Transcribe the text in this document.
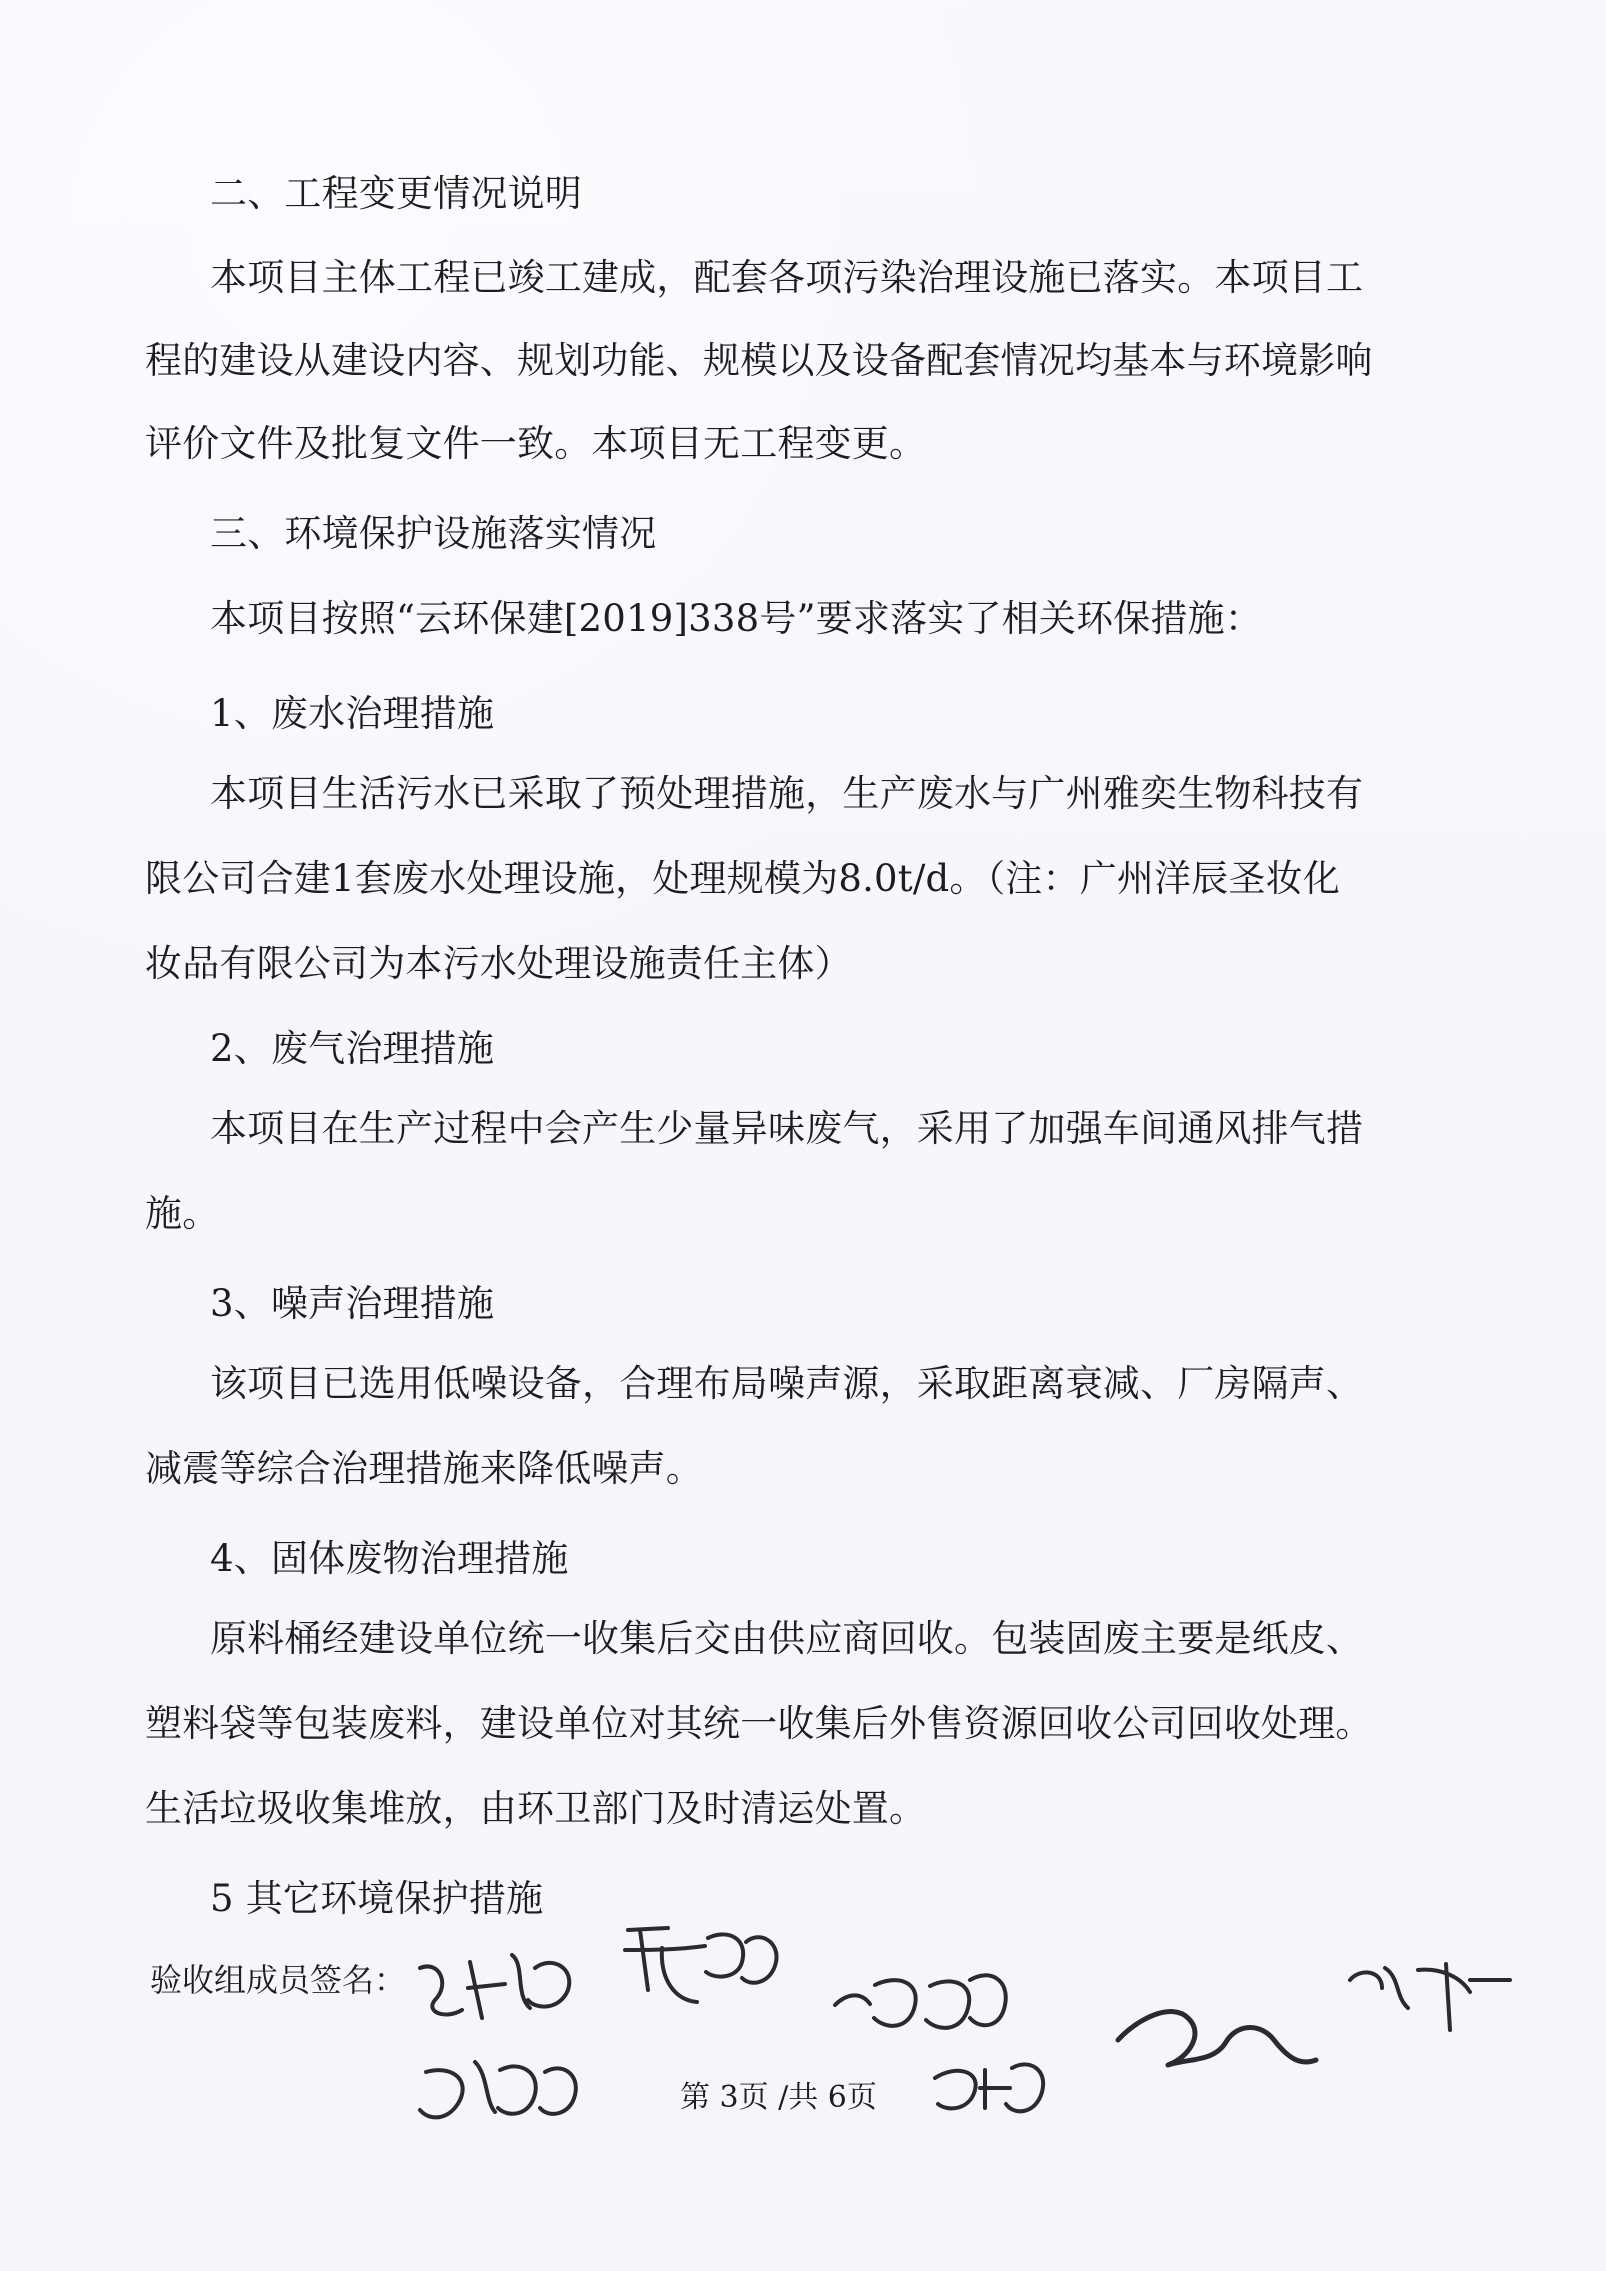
二、工程变更情况说明
本项目主体工程已竣工建成，配套各项污染治理设施已落实。本项目工
程的建设从建设内容、规划功能、规模以及设备配套情况均基本与环境影响
评价文件及批复文件一致。本项目无工程变更。
三、环境保护设施落实情况
本项目按照“云环保建[2019]338号”要求落实了相关环保措施：
1、废水治理措施
本项目生活污水已采取了预处理措施，生产废水与广州雅奕生物科技有
限公司合建1套废水处理设施，处理规模为8.0t/d。（注：广州洋辰圣妆化
妆品有限公司为本污水处理设施责任主体）
2、废气治理措施
本项目在生产过程中会产生少量异味废气，采用了加强车间通风排气措
施。
3、噪声治理措施
该项目已选用低噪设备，合理布局噪声源，采取距离衰减、厂房隔声、
减震等综合治理措施来降低噪声。
4、固体废物治理措施
原料桶经建设单位统一收集后交由供应商回收。包装固废主要是纸皮、
塑料袋等包装废料，建设单位对其统一收集后外售资源回收公司回收处理。
生活垃圾收集堆放，由环卫部门及时清运处置。
5 其它环境保护措施
验收组成员签名：
第 3页 /共 6页
